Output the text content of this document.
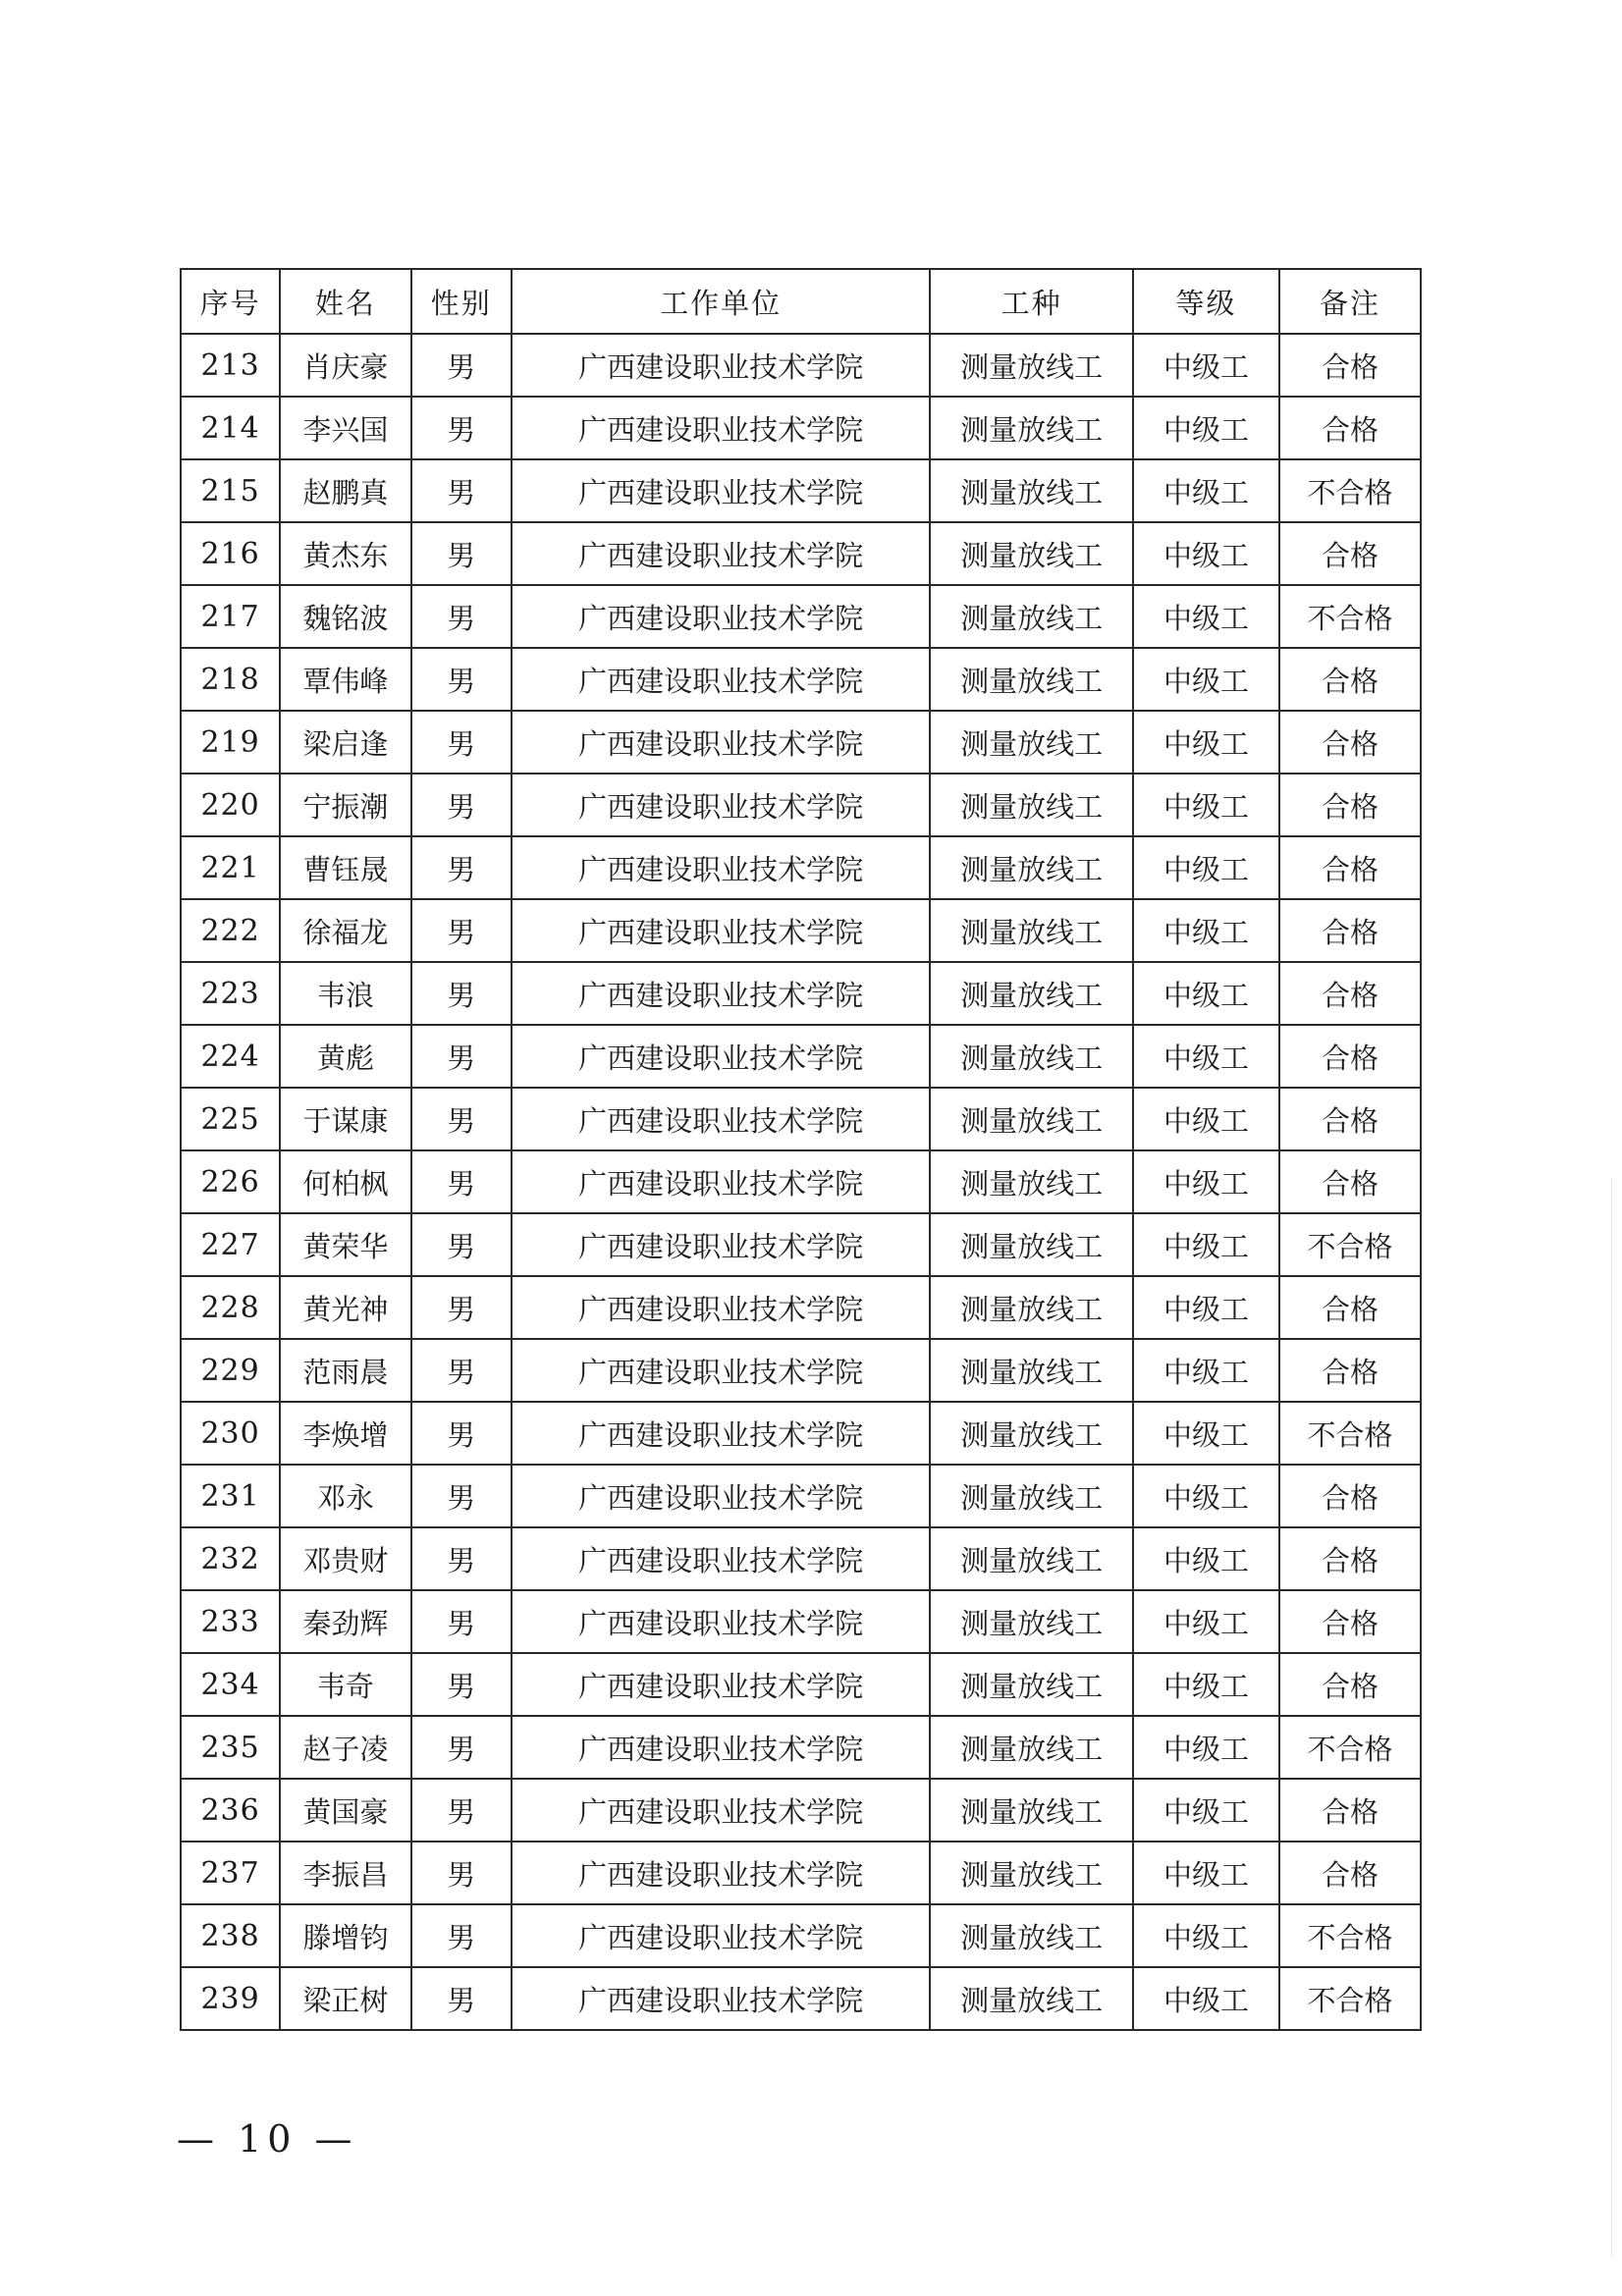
序号	姓名	性别	工作单位	工种	等级	备注
213	肖庆豪	男	广西建设职业技术学院	测量放线工	中级工	合格
214	李兴国	男	广西建设职业技术学院	测量放线工	中级工	合格
215	赵鹏真	男	广西建设职业技术学院	测量放线工	中级工	不合格
216	黄杰东	男	广西建设职业技术学院	测量放线工	中级工	合格
217	魏铭波	男	广西建设职业技术学院	测量放线工	中级工	不合格
218	覃伟峰	男	广西建设职业技术学院	测量放线工	中级工	合格
219	梁启逢	男	广西建设职业技术学院	测量放线工	中级工	合格
220	宁振潮	男	广西建设职业技术学院	测量放线工	中级工	合格
221	曹钰晟	男	广西建设职业技术学院	测量放线工	中级工	合格
222	徐福龙	男	广西建设职业技术学院	测量放线工	中级工	合格
223	韦浪	男	广西建设职业技术学院	测量放线工	中级工	合格
224	黄彪	男	广西建设职业技术学院	测量放线工	中级工	合格
225	于谋康	男	广西建设职业技术学院	测量放线工	中级工	合格
226	何柏枫	男	广西建设职业技术学院	测量放线工	中级工	合格
227	黄荣华	男	广西建设职业技术学院	测量放线工	中级工	不合格
228	黄光神	男	广西建设职业技术学院	测量放线工	中级工	合格
229	范雨晨	男	广西建设职业技术学院	测量放线工	中级工	合格
230	李焕增	男	广西建设职业技术学院	测量放线工	中级工	不合格
231	邓永	男	广西建设职业技术学院	测量放线工	中级工	合格
232	邓贵财	男	广西建设职业技术学院	测量放线工	中级工	合格
233	秦劲辉	男	广西建设职业技术学院	测量放线工	中级工	合格
234	韦奇	男	广西建设职业技术学院	测量放线工	中级工	合格
235	赵子凌	男	广西建设职业技术学院	测量放线工	中级工	不合格
236	黄国豪	男	广西建设职业技术学院	测量放线工	中级工	合格
237	李振昌	男	广西建设职业技术学院	测量放线工	中级工	合格
238	滕增钧	男	广西建设职业技术学院	测量放线工	中级工	不合格
239	梁正树	男	广西建设职业技术学院	测量放线工	中级工	不合格
— 10 —
